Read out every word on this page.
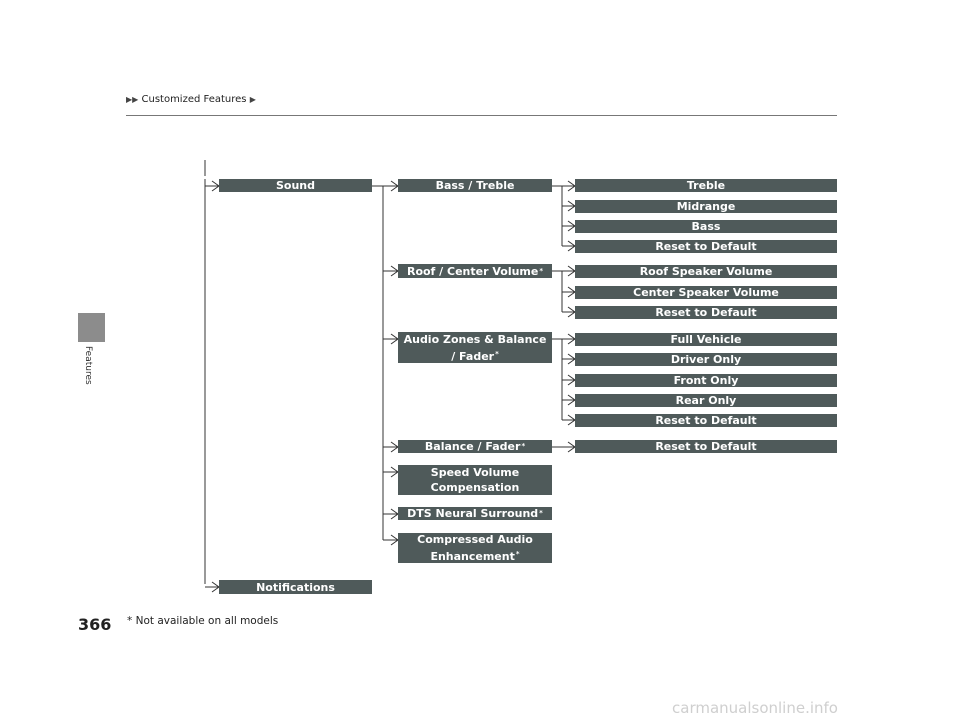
▶▶ Customized Features ▶
Features
Sound
Notifications
Bass / Treble
Roof / Center Volume *
Audio Zones & Balance / Fader*
Balance / Fader *
Speed Volume Compensation
DTS Neural Surround *
Compressed Audio Enhancement*
Treble
Midrange
Bass
Reset to Default
Roof Speaker Volume
Center Speaker Volume
Reset to Default
Full Vehicle
Driver Only
Front Only
Rear Only
Reset to Default
Reset to Default
366 * Not available on all models
carmanualsonline.info
